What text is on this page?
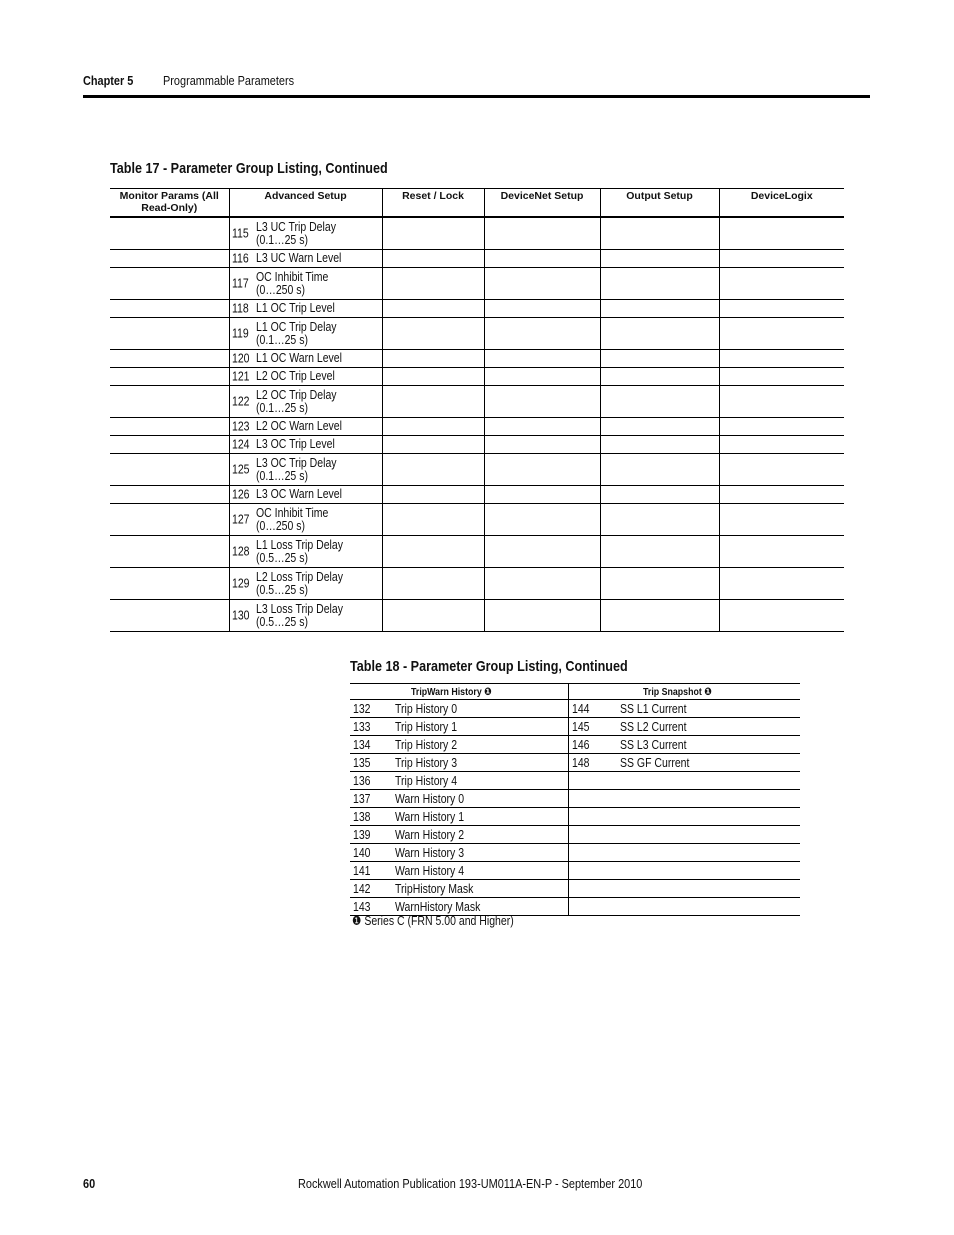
Chapter 5 Programmable Parameters
Table 17 - Parameter Group Listing, Continued
Monitor Params (All Read-Only)	Advanced Setup	Reset / Lock	DeviceNet Setup	Output Setup	DeviceLogix

	115 L3 UC Trip Delay
(0.1…25 s)				

	116 L3 UC Warn Level				

	117 OC Inhibit Time
(0…250 s)				

	118 L1 OC Trip Level				

	119 L1 OC Trip Delay
(0.1…25 s)				

	120 L1 OC Warn Level				

	121 L2 OC Trip Level				

	122 L2 OC Trip Delay
(0.1…25 s)				

	123 L2 OC Warn Level				

	124 L3 OC Trip Level				

	125 L3 OC Trip Delay
(0.1…25 s)				

	126 L3 OC Warn Level				

	127 OC Inhibit Time
(0…250 s)				

	128 L1 Loss Trip Delay
(0.5…25 s)				

	129 L2 Loss Trip Delay
(0.5…25 s)				

	130 L3 Loss Trip Delay
(0.5…25 s)				

Table 18 - Parameter Group Listing, Continued
TripWarn History ❶		Trip Snapshot ❶	
132	Trip History 0	144	SS L1 Current
133	Trip History 1	145	SS L2 Current
134	Trip History 2	146	SS L3 Current
135	Trip History 3	148	SS GF Current
136	Trip History 4		
137	Warn History 0		
138	Warn History 1		
139	Warn History 2		
140	Warn History 3		
141	Warn History 4		
142	TripHistory Mask		
143	WarnHistory Mask		
❶ Series C (FRN 5.00 and Higher)
60	Rockwell Automation Publication 193-UM011A-EN-P - September 2010
